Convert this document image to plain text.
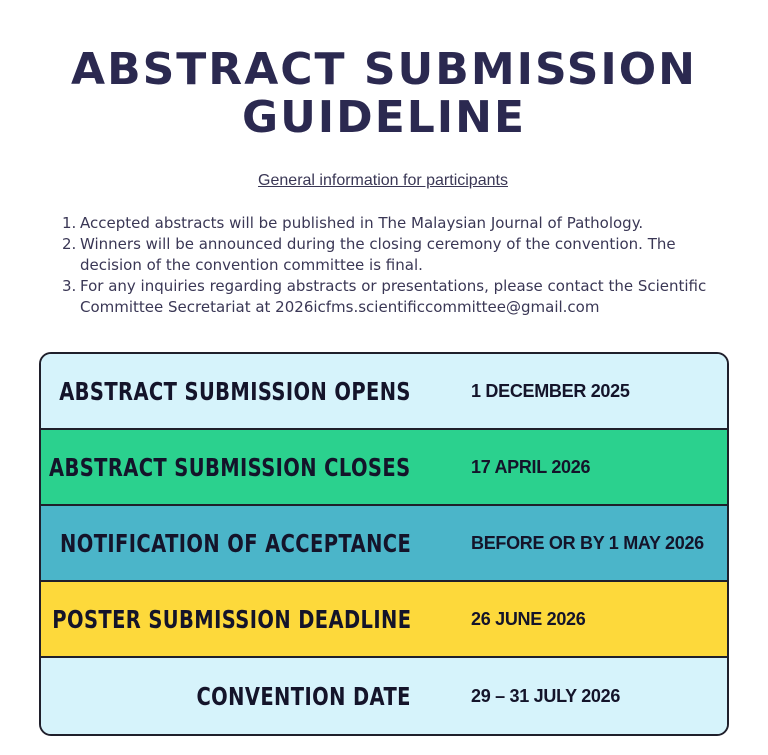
ABSTRACT SUBMISSION
GUIDELINE
General information for participants
1. Accepted abstracts will be published in The Malaysian Journal of Pathology.
2. Winners will be announced during the closing ceremony of the convention. The decision of the convention committee is final.
3. For any inquiries regarding abstracts or presentations, please contact the Scientific Committee Secretariat at 2026icfms.scientificcommittee@gmail.com
ABSTRACT SUBMISSION OPENS	1 DECEMBER 2025
ABSTRACT SUBMISSION CLOSES	17 APRIL 2026
NOTIFICATION OF ACCEPTANCE	BEFORE OR BY 1 MAY 2026
POSTER SUBMISSION DEADLINE	26 JUNE 2026
CONVENTION DATE	29 – 31 JULY 2026
